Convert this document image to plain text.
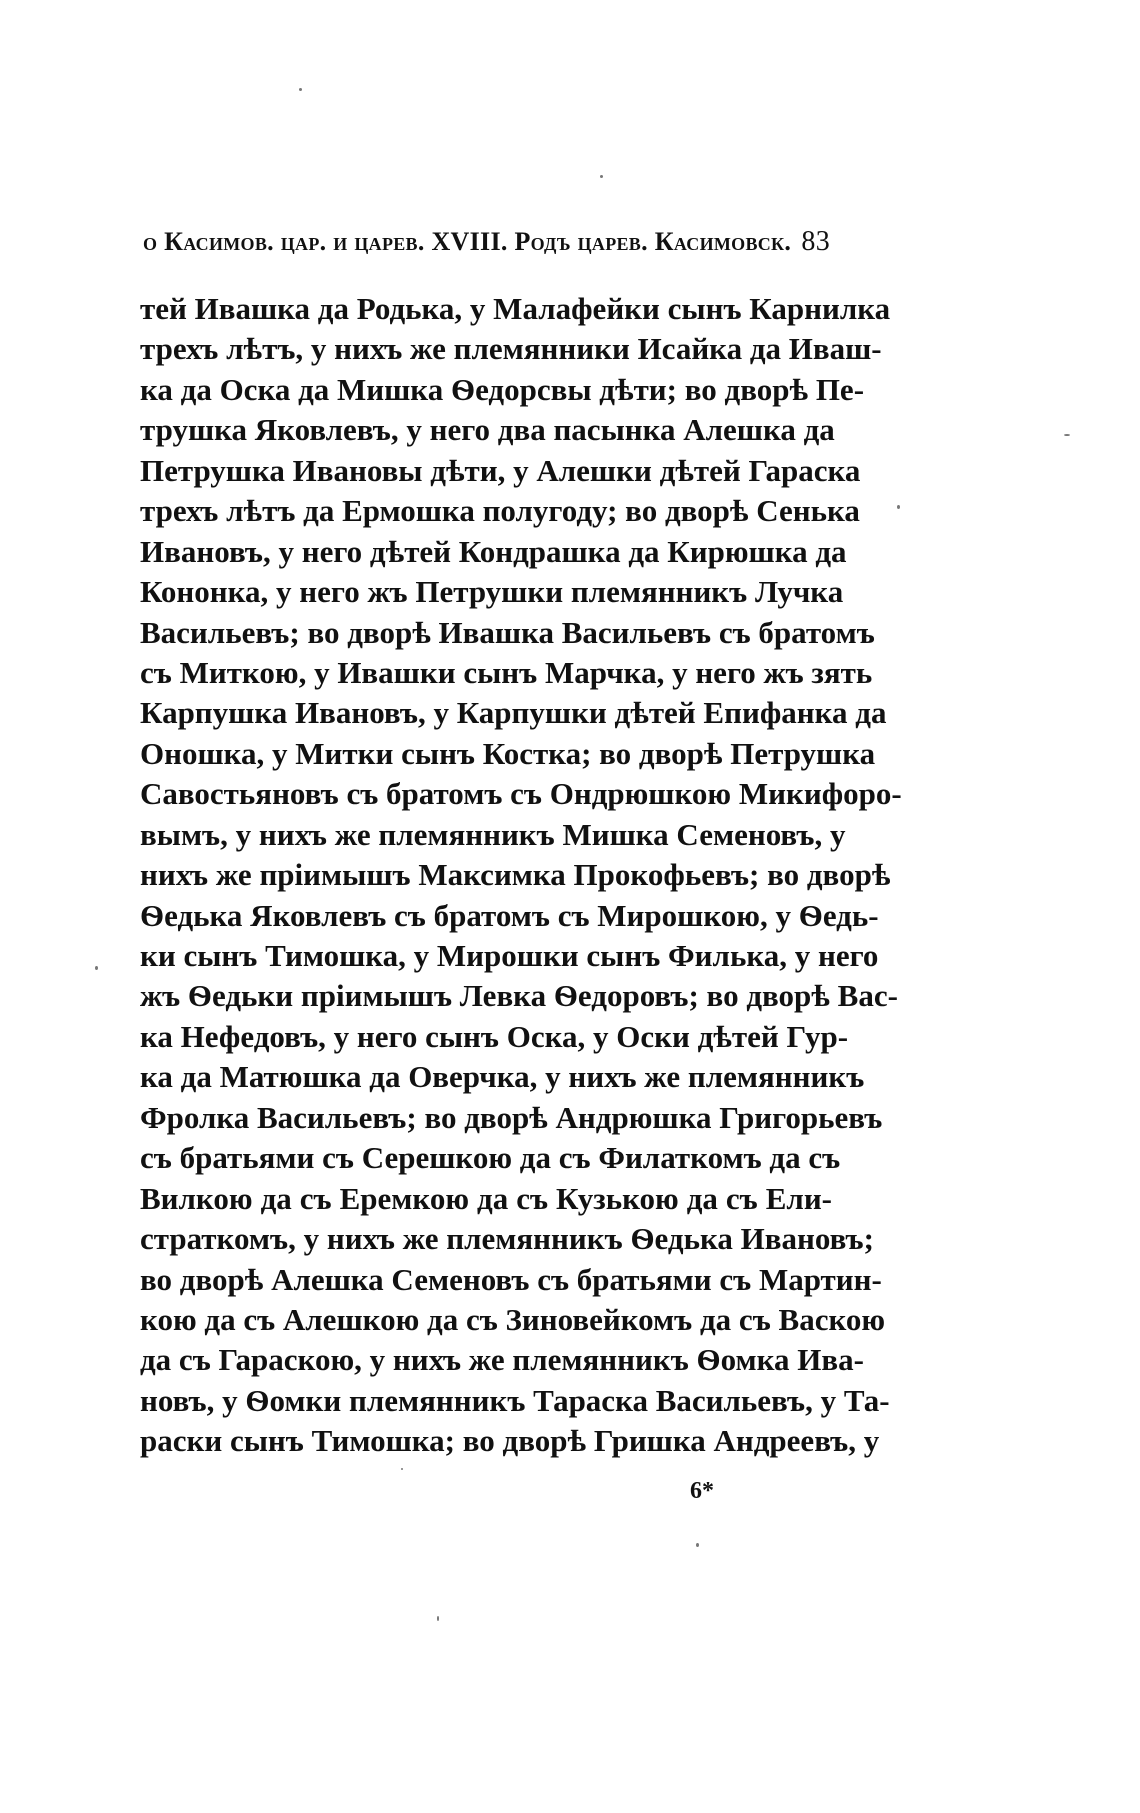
о Касимов. цар. и царев. XVIII. Родъ царев. Касимовск. 83
тей Ивашка да Родька, у Малафейки сынъ Карнилка
трехъ лѣтъ, у нихъ же племянники Исайка да Иваш-
ка да Оска да Мишка Ѳедорсвы дѣти; во дворѣ Пе-
трушка Яковлевъ, у него два пасынка Алешка да
Петрушка Ивановы дѣти, у Алешки дѣтей Гараска
трехъ лѣтъ да Ермошка полугоду; во дворѣ Сенька
Ивановъ, у него дѣтей Кондрашка да Кирюшка да
Кононка, у него жъ Петрушки племянникъ Лучка
Васильевъ; во дворѣ Ивашка Васильевъ съ братомъ
съ Миткою, у Ивашки сынъ Марчка, у него жъ зять
Карпушка Ивановъ, у Карпушки дѣтей Епифанка да
Оношка, у Митки сынъ Костка; во дворѣ Петрушка
Савостьяновъ съ братомъ съ Ондрюшкою Микифоро-
вымъ, у нихъ же племянникъ Мишка Семеновъ, у
нихъ же пріимышъ Максимка Прокофьевъ; во дворѣ
Ѳедька Яковлевъ съ братомъ съ Мирошкою, у Ѳедь-
ки сынъ Тимошка, у Мирошки сынъ Филька, у него
жъ Ѳедьки пріимышъ Левка Ѳедоровъ; во дворѣ Вас-
ка Нефедовъ, у него сынъ Оска, у Оски дѣтей Гур-
ка да Матюшка да Оверчка, у нихъ же племянникъ
Фролка Васильевъ; во дворѣ Андрюшка Григорьевъ
съ братьями съ Серешкою да съ Филаткомъ да съ
Вилкою да съ Еремкою да съ Кузькою да съ Ели-
страткомъ, у нихъ же племянникъ Ѳедька Ивановъ;
во дворѣ Алешка Семеновъ съ братьями съ Мартин-
кою да съ Алешкою да съ Зиновейкомъ да съ Васкою
да съ Гараскою, у нихъ же племянникъ Ѳомка Ива-
новъ, у Ѳомки племянникъ Тараска Васильевъ, у Та-
раски сынъ Тимошка; во дворѣ Гришка Андреевъ, у
6*
